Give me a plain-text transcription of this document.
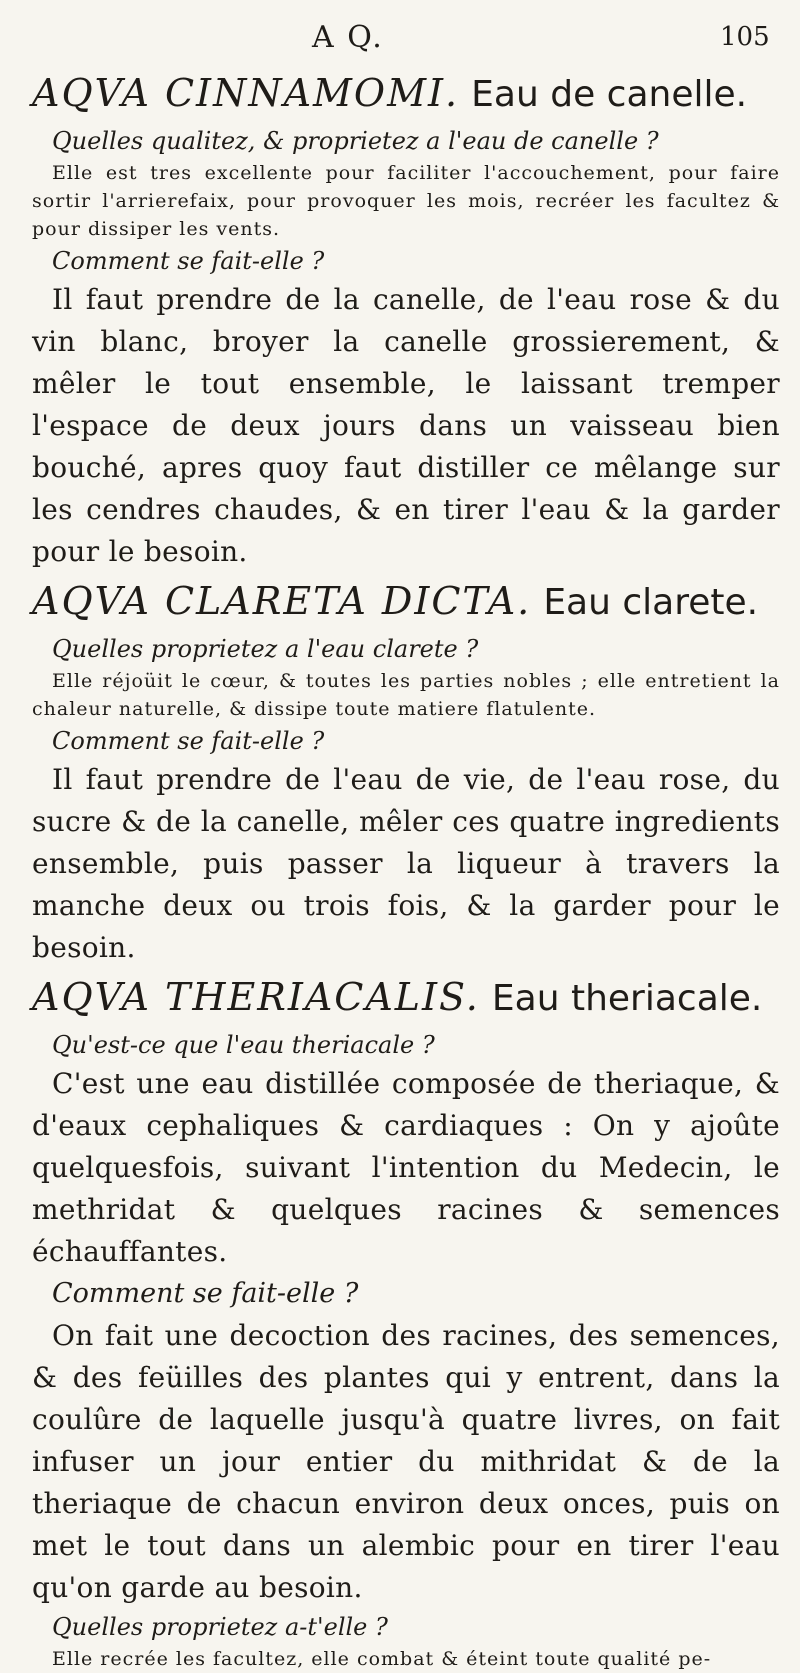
A Q.	105
AQVA CINNAMOMI. Eau de canelle.
Quelles qualitez, & proprietez a l'eau de canelle ?

Elle est tres excellente pour faciliter l'accouchement, pour faire sortir l'arrierefaix, pour provoquer les mois, recréer les facultez & pour dissiper les vents.

Comment se fait-elle ?

Il faut prendre de la canelle, de l'eau rose & du vin blanc, broyer la canelle grossierement, & mêler le tout ensemble, le laissant tremper l'espace de deux jours dans un vaisseau bien bouché, apres quoy faut distiller ce mêlange sur les cendres chaudes, & en tirer l'eau & la garder pour le besoin.

AQVA CLARETA DICTA. Eau clarete.
Quelles proprietez a l'eau clarete ?

Elle réjoüit le cœur, & toutes les parties nobles ; elle entretient la chaleur naturelle, & dissipe toute matiere flatulente.

Comment se fait-elle ?

Il faut prendre de l'eau de vie, de l'eau rose, du sucre & de la canelle, mêler ces quatre ingredients ensemble, puis passer la liqueur à travers la manche deux ou trois fois, & la garder pour le besoin.

AQVA THERIACALIS. Eau theriacale.
Qu'est-ce que l'eau theriacale ?

C'est une eau distillée composée de theriaque, & d'eaux cephaliques & cardiaques : On y ajoûte quelquesfois, suivant l'intention du Medecin, le methridat & quelques racines & semences échauffantes.

Comment se fait-elle ?

On fait une decoction des racines, des semences, & des feüilles des plantes qui y entrent, dans la coulûre de laquelle jusqu'à quatre livres, on fait infuser un jour entier du mithridat & de la theriaque de chacun environ deux onces, puis on met le tout dans un alembic pour en tirer l'eau qu'on garde au besoin.

Quelles proprietez a-t'elle ?

Elle recrée les facultez, elle combat & éteint toute qualité pe-
